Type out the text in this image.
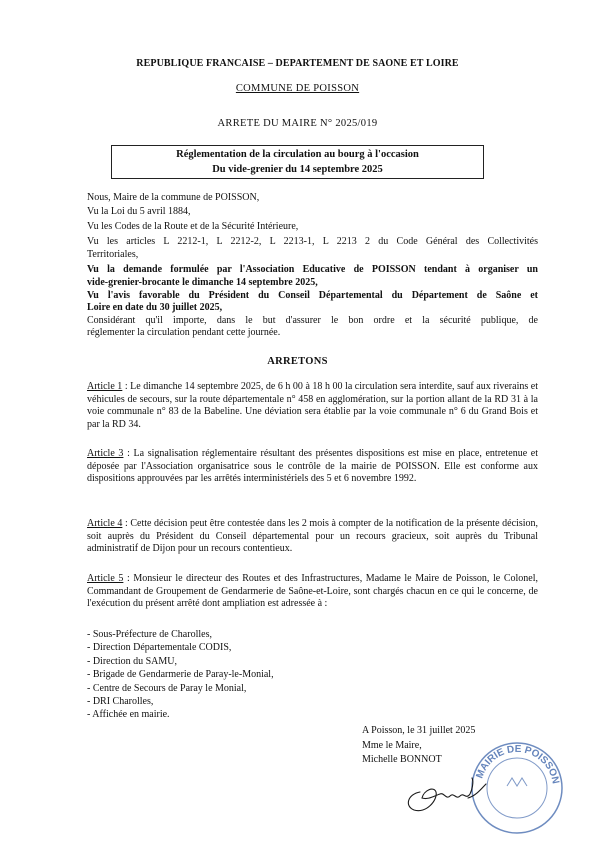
REPUBLIQUE FRANCAISE – DEPARTEMENT DE SAONE ET LOIRE
COMMUNE DE POISSON
ARRETE DU MAIRE N° 2025/019
Réglementation de la circulation au bourg à l'occasion
Du vide-grenier du 14 septembre 2025
Nous, Maire de la commune de POISSON,
Vu la Loi du 5 avril 1884,
Vu les Codes de la Route et de la Sécurité Intérieure,
Vu les articles L 2212-1, L 2212-2, L 2213-1, L 2213 2 du Code Général des Collectivités
Territoriales,
Vu la demande formulée par l'Association Educative de POISSON tendant à organiser un
vide-grenier-brocante le dimanche 14 septembre 2025,
Vu l'avis favorable du Président du Conseil Départemental du Département de Saône et
Loire en date du 30 juillet 2025,
Considérant qu'il importe, dans le but d'assurer le bon ordre et la sécurité publique, de
réglementer la circulation pendant cette journée.
ARRETONS

Article 1 : Le dimanche 14 septembre 2025, de 6 h 00 à 18 h 00 la circulation sera interdite, sauf aux riverains et véhicules de secours, sur la route départementale n° 458 en agglomération, sur la portion allant de la RD 31 à la voie communale n° 83 de la Babeline. Une déviation sera établie par la voie communale n° 6 du Grand Bois et par la RD 34.

Article 3 : La signalisation réglementaire résultant des présentes dispositions est mise en place, entretenue et déposée par l'Association organisatrice sous le contrôle de la mairie de POISSON. Elle est conforme aux dispositions approuvées par les arrêtés interministériels des 5 et 6 novembre 1992.

Article 4 : Cette décision peut être contestée dans les 2 mois à compter de la notification de la présente décision, soit auprès du Président du Conseil départemental pour un recours gracieux, soit auprès du Tribunal administratif de Dijon pour un recours contentieux.

Article 5 : Monsieur le directeur des Routes et des Infrastructures, Madame le Maire de Poisson, le Colonel, Commandant de Groupement de Gendarmerie de Saône-et-Loire, sont chargés chacun en ce qui le concerne, de l'exécution du présent arrêté dont ampliation est adressée à :

- Sous-Préfecture de Charolles,
- Direction Départementale CODIS,
- Direction du SAMU,
- Brigade de Gendarmerie de Paray-le-Monial,
- Centre de Secours de Paray le Monial,
- DRI Charolles,
- Affichée en mairie.
A Poisson, le 31 juillet 2025
Mme le Maire,
Michelle BONNOT
MAIRIE DE POISSON
